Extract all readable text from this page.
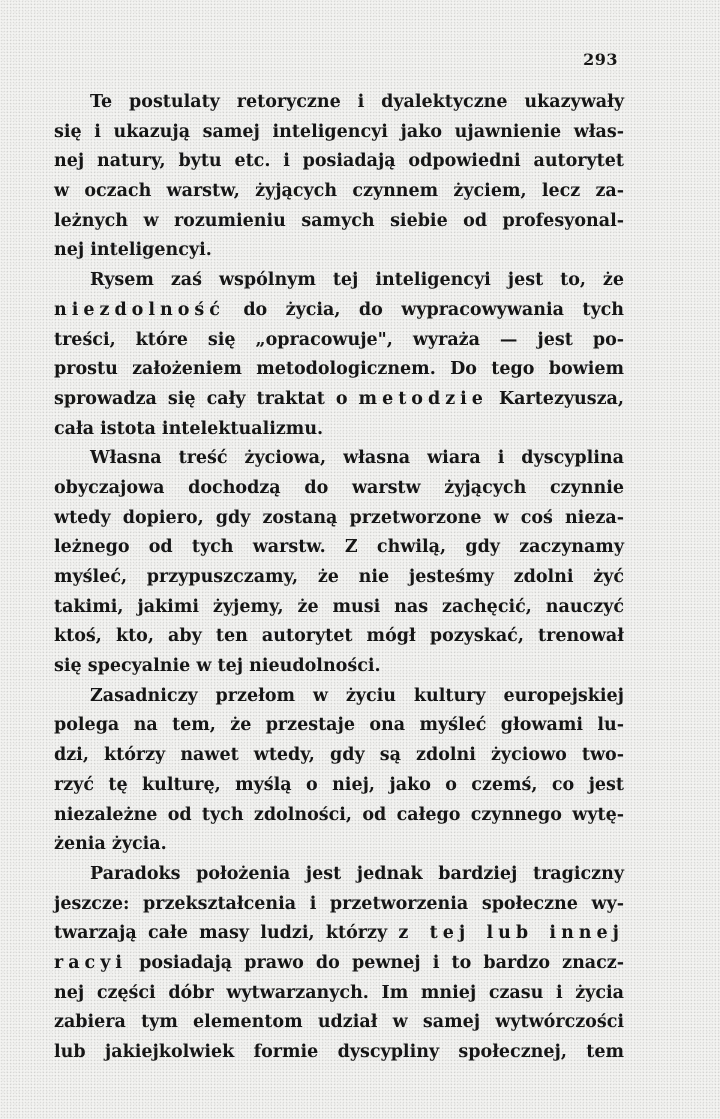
293
Te postulaty retoryczne i dyalektyczne ukazywały
się i ukazują samej inteligencyi jako ujawnienie włas-
nej natury, bytu etc. i posiadają odpowiedni autorytet
w oczach warstw, żyjących czynnem życiem, lecz za-
leżnych w rozumieniu samych siebie od profesyonal-
nej inteligencyi.
Rysem zaś wspólnym tej inteligencyi jest to, że
niezdolność do życia, do wypracowywania tych
treści, które się „opracowuje", wyraża — jest po-
prostu założeniem metodologicznem. Do tego bowiem
sprowadza się cały traktat o metodzie Kartezyusza,
cała istota intelektualizmu.
Własna treść życiowa, własna wiara i dyscyplina
obyczajowa dochodzą do warstw żyjących czynnie
wtedy dopiero, gdy zostaną przetworzone w coś nieza-
leżnego od tych warstw. Z chwilą, gdy zaczynamy
myśleć, przypuszczamy, że nie jesteśmy zdolni żyć
takimi, jakimi żyjemy, że musi nas zachęcić, nauczyć
ktoś, kto, aby ten autorytet mógł pozyskać, trenował
się specyalnie w tej nieudolności.
Zasadniczy przełom w życiu kultury europejskiej
polega na tem, że przestaje ona myśleć głowami lu-
dzi, którzy nawet wtedy, gdy są zdolni życiowo two-
rzyć tę kulturę, myślą o niej, jako o czemś, co jest
niezależne od tych zdolności, od całego czynnego wytę-
żenia życia.
Paradoks położenia jest jednak bardziej tragiczny
jeszcze: przekształcenia i przetworzenia społeczne wy-
twarzają całe masy ludzi, którzy z tej lub innej
racyi posiadają prawo do pewnej i to bardzo znacz-
nej części dóbr wytwarzanych. Im mniej czasu i życia
zabiera tym elementom udział w samej wytwórczości
lub jakiejkolwiek formie dyscypliny społecznej, tem
